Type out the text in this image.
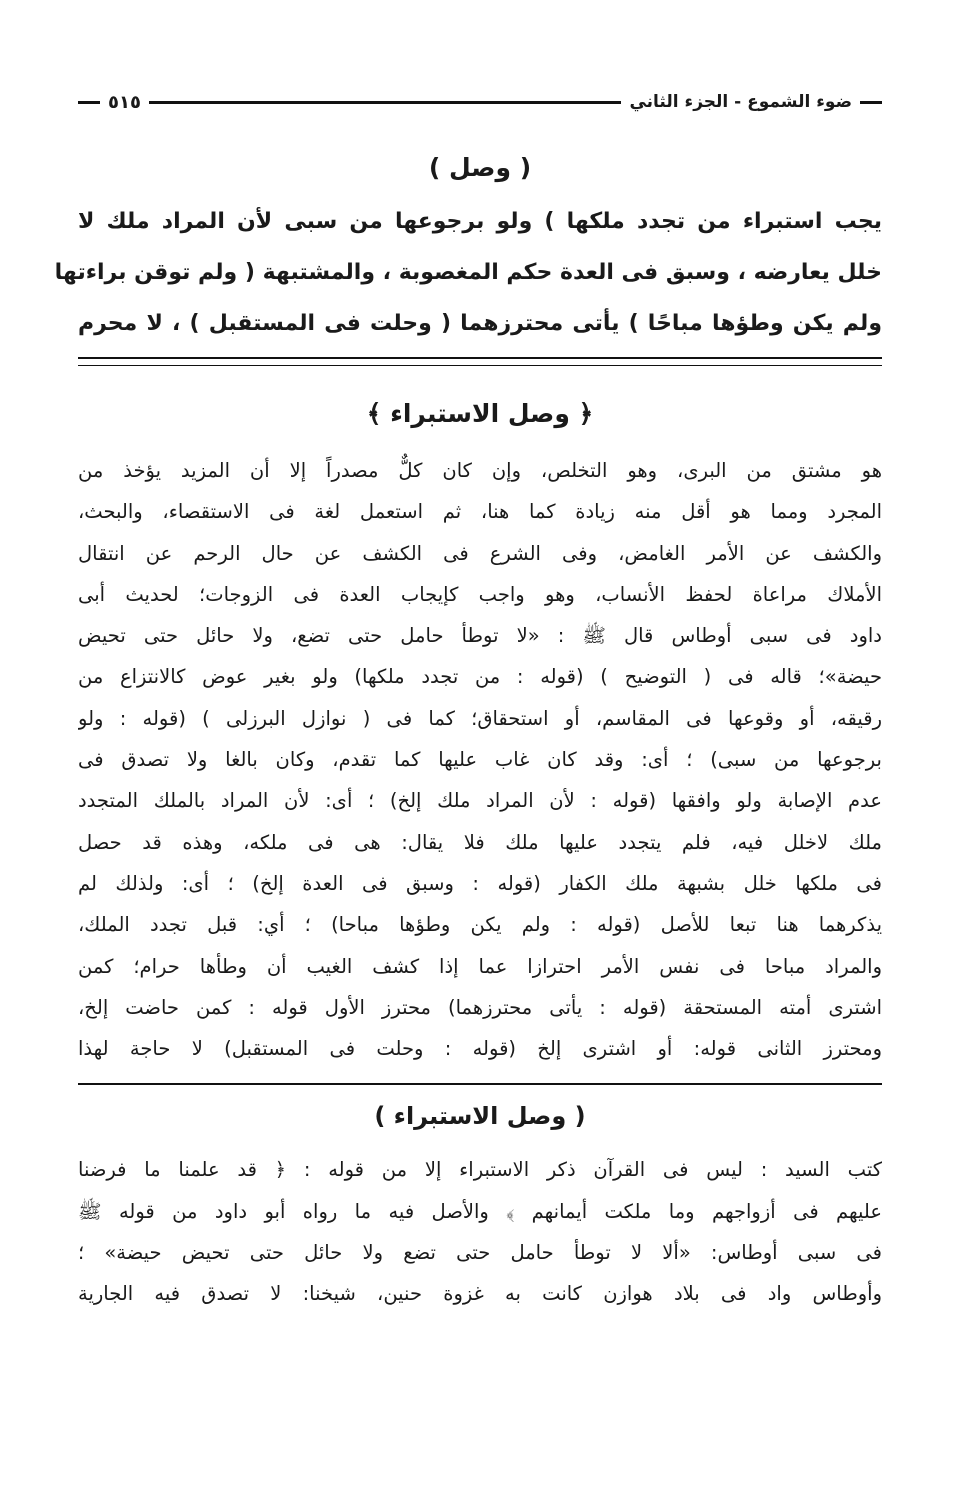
ضوء الشموع - الجزء الثاني
٥١٥
( وصل )
يجب استبراء من تجدد ملكها ) ولو برجوعها من سبى لأن المراد ملك لا
خلل يعارضه ، وسبق فى العدة حكم المغصوبة ، والمشتبهة ( ولم توقن براءتها
ولم يكن وطؤها مباحًا ) يأتى محترزهما ( وحلت فى المستقبل ) ، لا محرم
﴿ وصل الاستبراء ﴾
هو مشتق من البرى، وهو التخلص، وإن كان كلٌّ مصدراً إلا أن المزيد يؤخذ من
المجرد ومما هو أقل منه زيادة كما هنا، ثم استعمل لغة فى الاستقصاء، والبحث،
والكشف عن الأمر الغامض، وفى الشرع فى الكشف عن حال الرحم عن انتقال
الأملاك مراعاة لحفظ الأنساب، وهو واجب كإيجاب العدة فى الزوجات؛ لحديث أبى
داود فى سبى أوطاس قال ﷺ : «لا توطأ حامل حتى تضع، ولا حائل حتى تحيض
حيضة»؛ قاله فى ( التوضيح ) (قوله : من تجدد ملكها) ولو بغير عوض كالانتزاع من
رقيقه، أو وقوعها فى المقاسم، أو استحقاق؛ كما فى ( نوازل البرزلى ) (قوله : ولو
برجوعها من سبى) ؛ أى: وقد كان غاب عليها كما تقدم، وكان بالغا ولا تصدق فى
عدم الإصابة ولو وافقها (قوله : لأن المراد ملك إلخ) ؛ أى: لأن المراد بالملك المتجدد
ملك لاخلل فيه، فلم يتجدد عليها ملك فلا يقال: هى فى ملكه، وهذه قد حصل
فى ملكها خلل بشبهة ملك الكفار (قوله : وسبق فى العدة إلخ) ؛ أى: ولذلك لم
يذكرهما هنا تبعا للأصل (قوله : ولم يكن وطؤها مباحا) ؛ أي: قبل تجدد الملك،
والمراد مباحا فى نفس الأمر احترازا عما إذا كشف الغيب أن وطأها حرام؛ كمن
اشترى أمته المستحقة (قوله : يأتى محترزهما) محترز الأول قوله : كمن حاضت إلخ،
ومحترز الثانى قوله: أو اشترى إلخ (قوله : وحلت فى المستقبل) لا حاجة لهذا
( وصل الاستبراء )
كتب السيد : ليس فى القرآن ذكر الاستبراء إلا من قوله : ﴿ قد علمنا ما فرضنا
عليهم فى أزواجهم وما ملكت أيمانهم ﴾ والأصل فيه ما رواه أبو داود من قوله ﷺ
فى سبى أوطاس: «ألا لا توطأ حامل حتى تضع ولا حائل حتى تحيض حيضة» ؛
وأوطاس واد فى بلاد هوازن كانت به غزوة حنين، شيخنا: لا تصدق فيه الجارية
